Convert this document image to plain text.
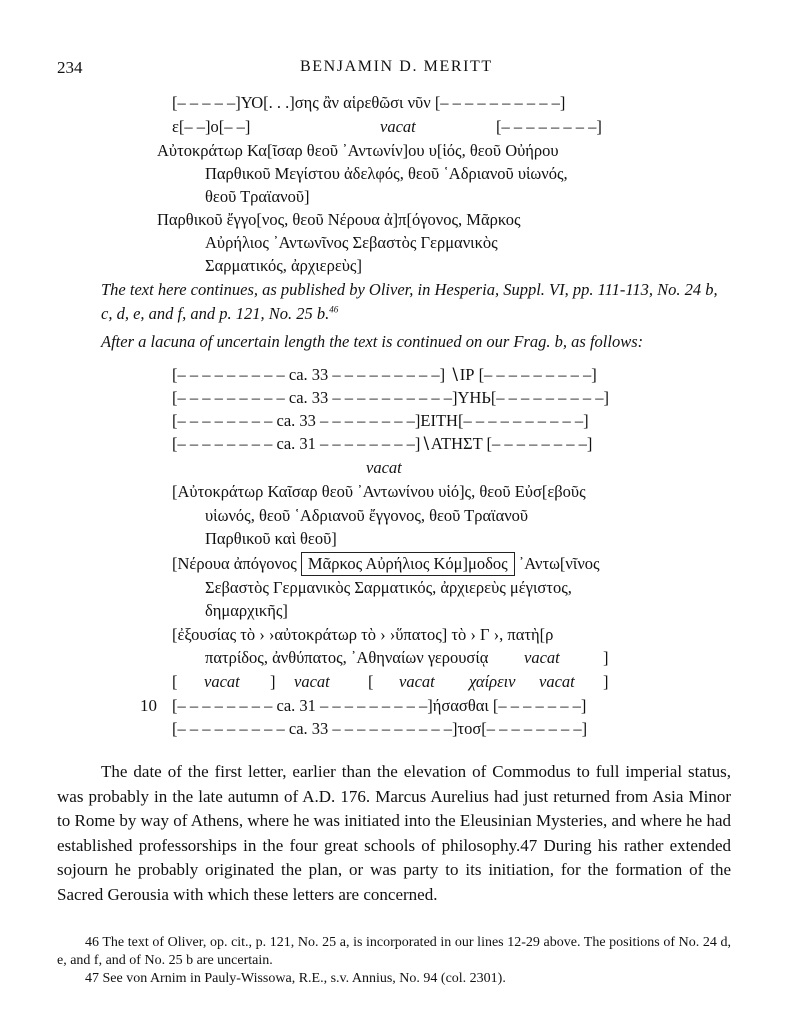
234	BENJAMIN D. MERITT
[– – – – –]ΥΟ[. . .]σης ἂν αἱρεθῶσι νῦν [– – – – – – – – – –]
ε[– –]ο[– –]	vacat	[– – – – – – – –]
Αὐτοκράτωρ Κα[ῖσαρ θεοῦ ᾿Αντωνίν]ου υ[ἱός, θεοῦ Οὐήρου
Παρθικοῦ Μεγίστου ἀδελφός, θεοῦ ῾Αδριανοῦ υἱωνός,
θεοῦ Τραϊανοῦ]
Παρθικοῦ ἔγγο[νος, θεοῦ Νέρουα ἀ]π[όγονος, Μᾶρκος
Αὐρήλιος ᾿Αντωνῖνος Σεβαστὸς Γερμανικὸς
Σαρματικός, ἀρχιερεὺς]
The text here continues, as published by Oliver, in Hesperia, Suppl. VI, pp. 111-113, No. 24 b, c, d, e, and f, and p. 121, No. 25 b.$^{46}$
After a lacuna of uncertain length the text is continued on our Frag. b, as follows:
[– – – – – – – – – ca. 33 – – – – – – – – –] ∖ΙΡ [– – – – – – – – –]
[– – – – – – – – – ca. 33 – – – – – – – – – –]ΥΗЬ[– – – – – – – – –]
[– – – – – – – – ca. 33 – – – – – – – –]ΕΙΤΗ[– – – – – – – – – –]
[– – – – – – – – ca. 31 – – – – – – – –]∖ΑΤΗΣΤ [– – – – – – – –]
vacat
[Αὐτοκράτωρ Καῖσαρ θεοῦ ᾿Αντωνίνου υἱό]ς, θεοῦ Εὐσ[εβοῦς
υἱωνός, θεοῦ ῾Αδριανοῦ ἔγγονος, θεοῦ Τραϊανοῦ
Παρθικοῦ καὶ θεοῦ]
[Νέρουα ἀπόγονος Μᾶρκος Αὐρήλιος Κόμ]μοδος ᾿Αντω[νῖνος
Σεβαστὸς Γερμανικὸς Σαρματικός, ἀρχιερεὺς μέγιστος,
δημαρχικῆς]
[ἐξουσίας τὸ › ›αὐτοκράτωρ τὸ › ›ὕπατος] τὸ › Γ ›, πατὴ[ρ
πατρίδος, ἀνθύπατος, ᾿Αθηναίων γερουσίᾳ vacat	]
[ vacat ] vacat [ vacat χαίρειν vacat ]
10 [– – – – – – – – ca. 31 – – – – – – – – –]ήσασθαι [– – – – – – –]
[– – – – – – – – – ca. 33 – – – – – – – – – –]τοσ[– – – – – – – –]
The date of the first letter, earlier than the elevation of Commodus to full imperial status, was probably in the late autumn of A.D. 176. Marcus Aurelius had just returned from Asia Minor to Rome by way of Athens, where he was initiated into the Eleusinian Mysteries, and where he had established professorships in the four great schools of philosophy.47 During his rather extended sojourn he probably originated the plan, or was party to its initiation, for the formation of the Sacred Gerousia with which these letters are concerned.
46 The text of Oliver, op. cit., p. 121, No. 25 a, is incorporated in our lines 12-29 above. The positions of No. 24 d, e, and f, and of No. 25 b are uncertain.
47 See von Arnim in Pauly-Wissowa, R.E., s.v. Annius, No. 94 (col. 2301).
